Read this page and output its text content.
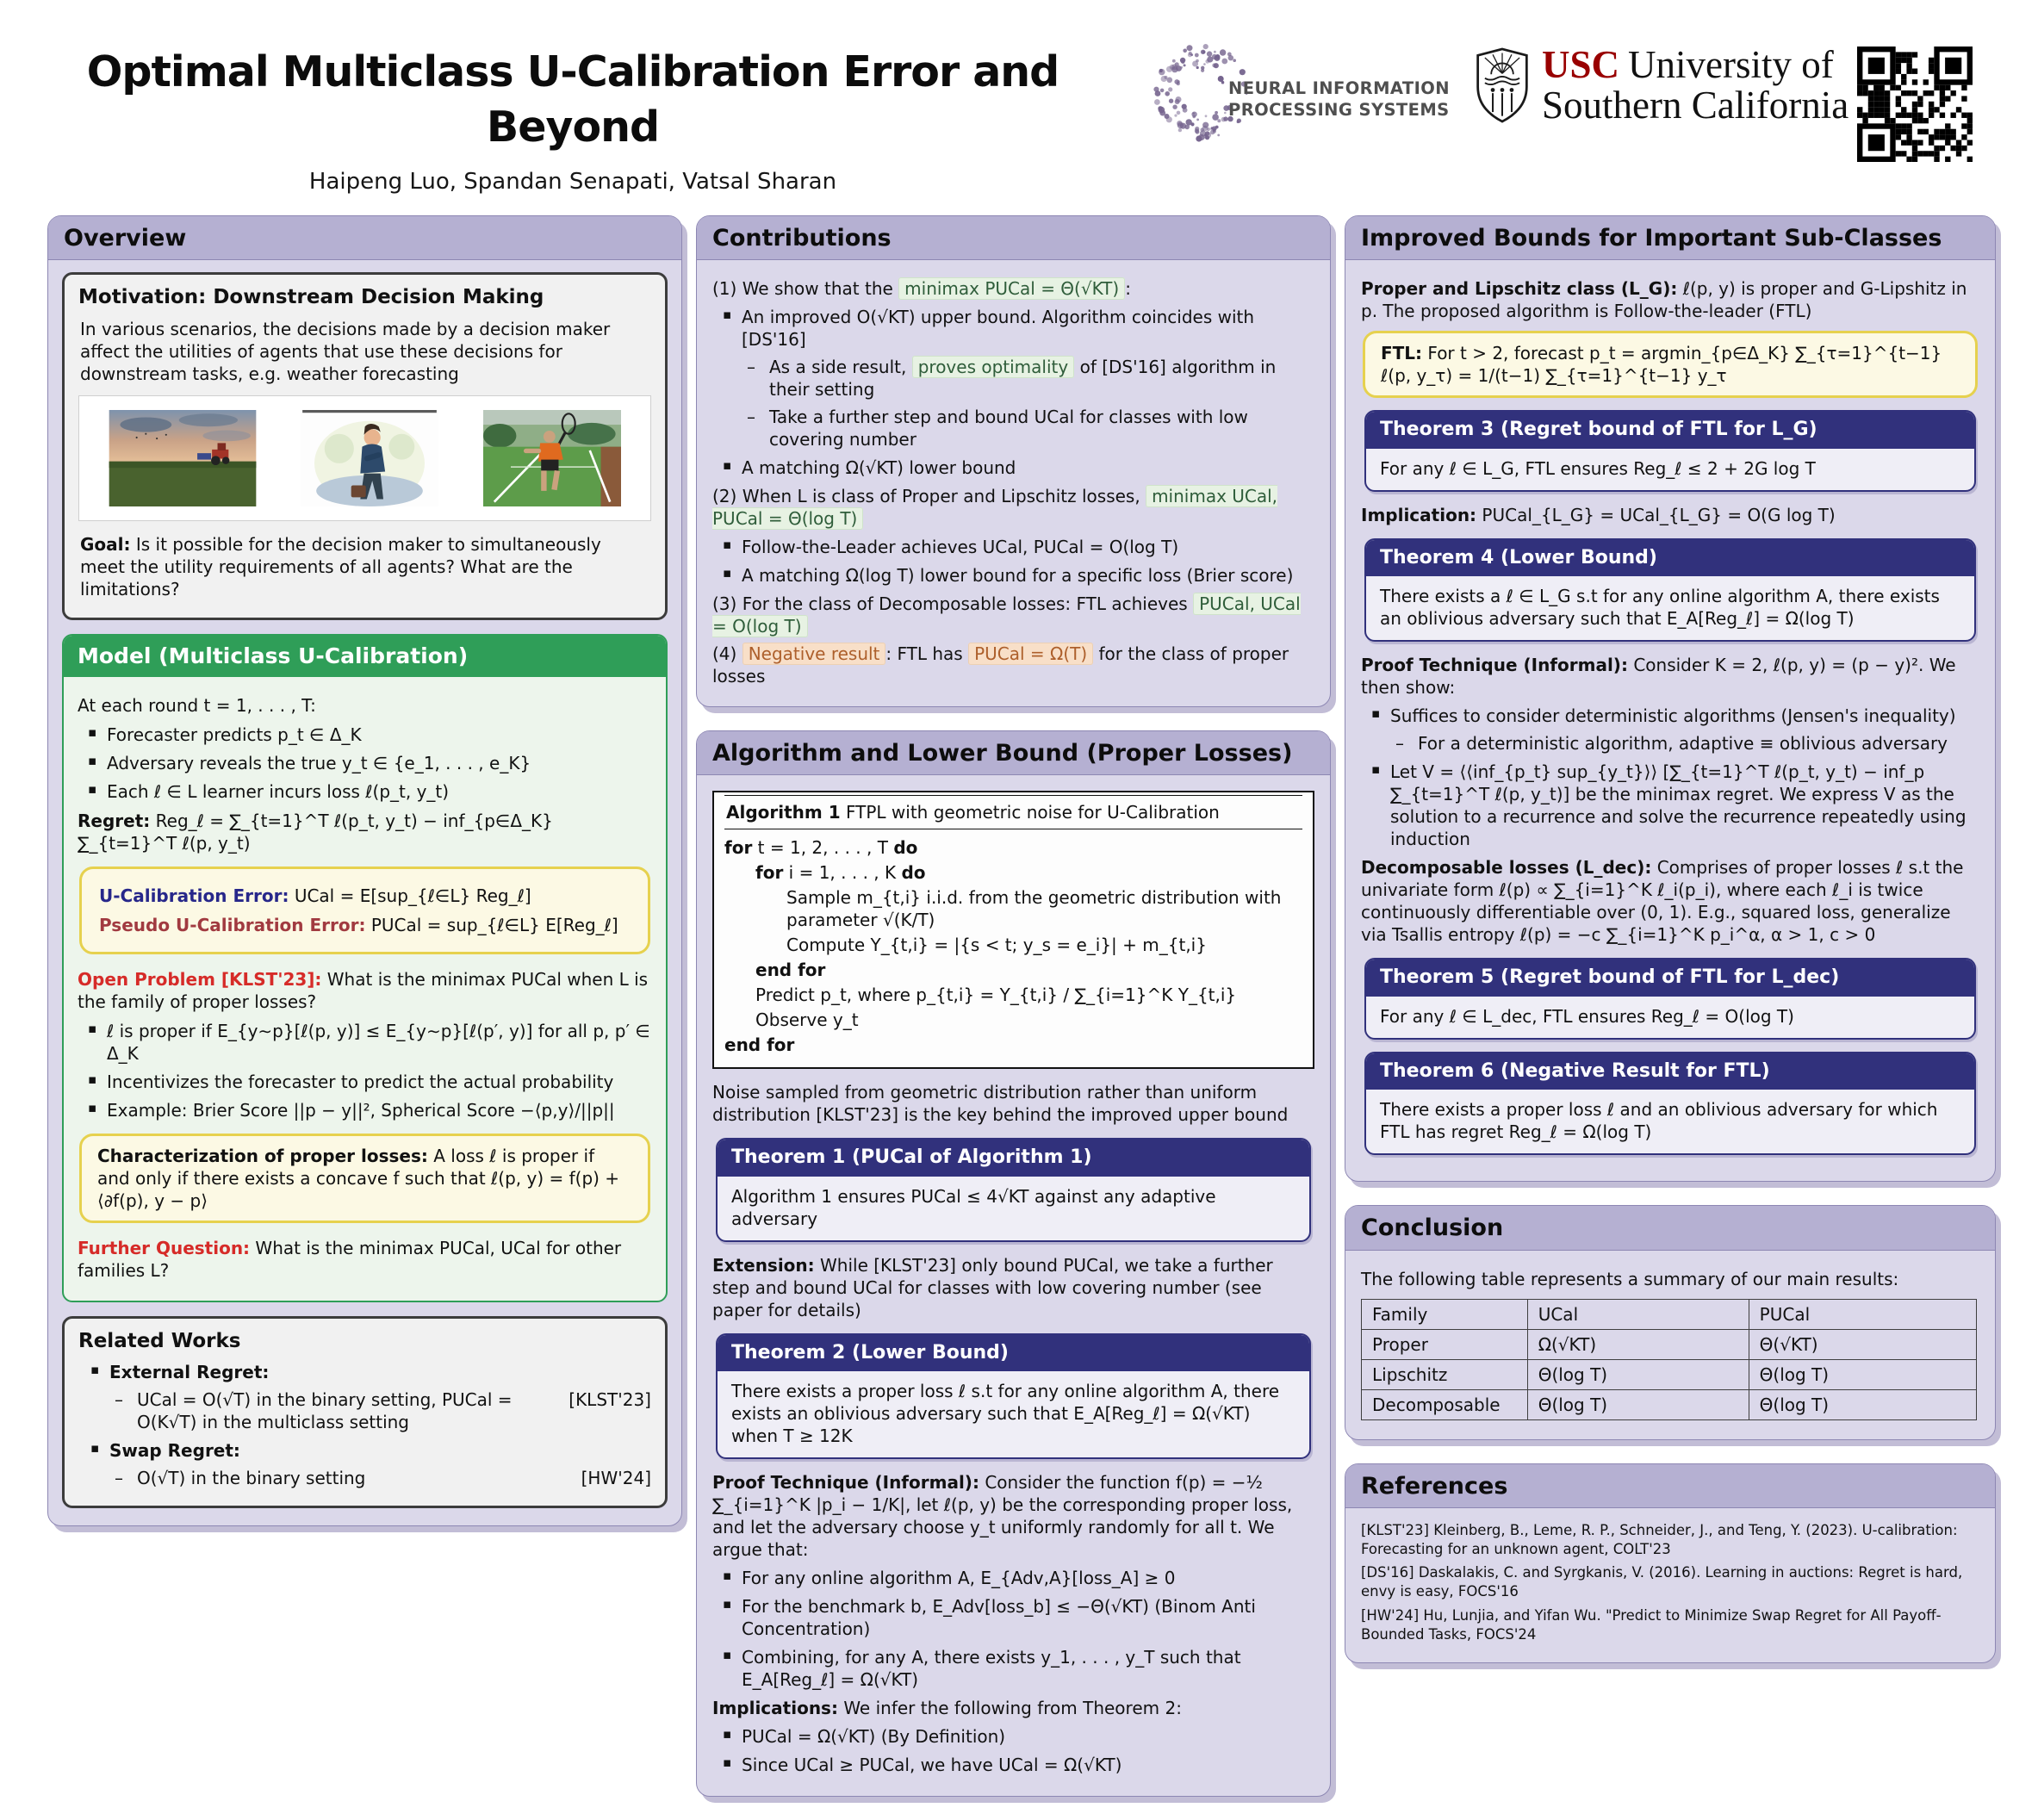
Optimal Multiclass U-Calibration Error and Beyond
Haipeng Luo, Spandan Senapati, Vatsal Sharan
NEURAL INFORMATION
PROCESSING SYSTEMS
USC University of
Southern California
Overview
Motivation: Downstream Decision Making

In various scenarios, the decisions made by a decision maker affect the utilities of agents that use these decisions for downstream tasks, e.g. weather forecasting

Goal: Is it possible for the decision maker to simultaneously meet the utility requirements of all agents? What are the limitations?

Model (Multiclass U-Calibration)

At each round t = 1, . . . , T:

▪ Forecaster predicts p_t ∈ Δ_K
▪ Adversary reveals the true y_t ∈ {e_1, . . . , e_K}
▪ Each ℓ ∈ L learner incurs loss ℓ(p_t, y_t)

Regret: Reg_ℓ = ∑_{t=1}^T ℓ(p_t, y_t) − inf_{p∈Δ_K} ∑_{t=1}^T ℓ(p, y_t)

U-Calibration Error: UCal = E[sup_{ℓ∈L} Reg_ℓ]

Pseudo U-Calibration Error: PUCal = sup_{ℓ∈L} E[Reg_ℓ]

Open Problem [KLST'23]: What is the minimax PUCal when L is the family of proper losses?

▪ ℓ is proper if E_{y∼p}[ℓ(p, y)] ≤ E_{y∼p}[ℓ(p′, y)] for all p, p′ ∈ Δ_K
▪ Incentivizes the forecaster to predict the actual probability
▪ Example: Brier Score ||p − y||², Spherical Score −⟨p,y⟩/||p||
Characterization of proper losses: A loss ℓ is proper if and only if there exists a concave f such that ℓ(p, y) = f(p) + ⟨∂f(p), y − p⟩

Further Question: What is the minimax PUCal, UCal for other families L?

Related Works
▪ External Regret:
– [KLST'23]
UCal = O(√T) in the binary setting, PUCal = O(K√T) in the multiclass setting
▪ Swap Regret:
– [HW'24]
O(√T) in the binary setting
Contributions

(1) We show that the minimax PUCal = Θ(√KT) :

▪ An improved O(√KT) upper bound. Algorithm coincides with [DS'16]
– As a side result, proves optimality of [DS'16] algorithm in their setting
– Take a further step and bound UCal for classes with low covering number
▪ A matching Ω(√KT) lower bound

(2) When L is class of Proper and Lipschitz losses, minimax UCal, PUCal = Θ(log T)

▪ Follow-the-Leader achieves UCal, PUCal = O(log T)
▪ A matching Ω(log T) lower bound for a specific loss (Brier score)

(3) For the class of Decomposable losses: FTL achieves PUCal, UCal = O(log T)

(4) Negative result : FTL has PUCal = Ω(T) for the class of proper losses

Algorithm and Lower Bound (Proper Losses)
Algorithm 1 FTPL with geometric noise for U-Calibration
for t = 1, 2, . . . , T do
for i = 1, . . . , K do
Sample m_{t,i} i.i.d. from the geometric distribution with parameter √(K/T)
Compute Y_{t,i} = |{s < t; y_s = e_i}| + m_{t,i}
end for
Predict p_t, where p_{t,i} = Y_{t,i} / ∑_{i=1}^K Y_{t,i}
Observe y_t
end for

Noise sampled from geometric distribution rather than uniform distribution [KLST'23] is the key behind the improved upper bound

Theorem 1 (PUCal of Algorithm 1)
Algorithm 1 ensures PUCal ≤ 4√KT against any adaptive adversary

Extension: While [KLST'23] only bound PUCal, we take a further step and bound UCal for classes with low covering number (see paper for details)

Theorem 2 (Lower Bound)
There exists a proper loss ℓ s.t for any online algorithm A, there exists an oblivious adversary such that E_A[Reg_ℓ] = Ω(√KT) when T ≥ 12K

Proof Technique (Informal): Consider the function f(p) = −½ ∑_{i=1}^K |p_i − 1/K|, let ℓ(p, y) be the corresponding proper loss, and let the adversary choose y_t uniformly randomly for all t. We argue that:

▪ For any online algorithm A, E_{Adv,A}[loss_A] ≥ 0
▪ For the benchmark b, E_Adv[loss_b] ≤ −Θ(√KT) (Binom Anti Concentration)
▪ Combining, for any A, there exists y_1, . . . , y_T such that E_A[Reg_ℓ] = Ω(√KT)

Implications: We infer the following from Theorem 2:

▪ PUCal = Ω(√KT) (By Definition)
▪ Since UCal ≥ PUCal, we have UCal = Ω(√KT)
Improved Bounds for Important Sub-Classes

Proper and Lipschitz class (L_G): ℓ(p, y) is proper and G-Lipshitz in p. The proposed algorithm is Follow-the-leader (FTL)

FTL: For t > 2, forecast p_t = argmin_{p∈Δ_K} ∑_{τ=1}^{t−1} ℓ(p, y_τ) = 1/(t−1) ∑_{τ=1}^{t−1} y_τ
Theorem 3 (Regret bound of FTL for L_G)
For any ℓ ∈ L_G, FTL ensures Reg_ℓ ≤ 2 + 2G log T

Implication: PUCal_{L_G} = UCal_{L_G} = O(G log T)

Theorem 4 (Lower Bound)
There exists a ℓ ∈ L_G s.t for any online algorithm A, there exists an oblivious adversary such that E_A[Reg_ℓ] = Ω(log T)

Proof Technique (Informal): Consider K = 2, ℓ(p, y) = (p − y)². We then show:

▪ Suffices to consider deterministic algorithms (Jensen's inequality)
– For a deterministic algorithm, adaptive ≡ oblivious adversary
▪ Let V = ⟨⟨inf_{p_t} sup_{y_t}⟩⟩ [∑_{t=1}^T ℓ(p_t, y_t) − inf_p ∑_{t=1}^T ℓ(p, y_t)] be the minimax regret. We express V as the solution to a recurrence and solve the recurrence repeatedly using induction

Decomposable losses (L_dec): Comprises of proper losses ℓ s.t the univariate form ℓ(p) ∝ ∑_{i=1}^K ℓ_i(p_i), where each ℓ_i is twice continuously differentiable over (0, 1). E.g., squared loss, generalize via Tsallis entropy ℓ(p) = −c ∑_{i=1}^K p_i^α, α > 1, c > 0

Theorem 5 (Regret bound of FTL for L_dec)
For any ℓ ∈ L_dec, FTL ensures Reg_ℓ = O(log T)
Theorem 6 (Negative Result for FTL)
There exists a proper loss ℓ and an oblivious adversary for which FTL has regret Reg_ℓ = Ω(log T)
Conclusion

The following table represents a summary of our main results:

Family	UCal	PUCal
Proper	Ω(√KT)	Θ(√KT)
Lipschitz	Θ(log T)	Θ(log T)
Decomposable	Θ(log T)	Θ(log T)
References

[KLST'23] Kleinberg, B., Leme, R. P., Schneider, J., and Teng, Y. (2023). U-calibration: Forecasting for an unknown agent, COLT'23

[DS'16] Daskalakis, C. and Syrgkanis, V. (2016). Learning in auctions: Regret is hard, envy is easy, FOCS'16

[HW'24] Hu, Lunjia, and Yifan Wu. "Predict to Minimize Swap Regret for All Payoff-Bounded Tasks, FOCS'24
